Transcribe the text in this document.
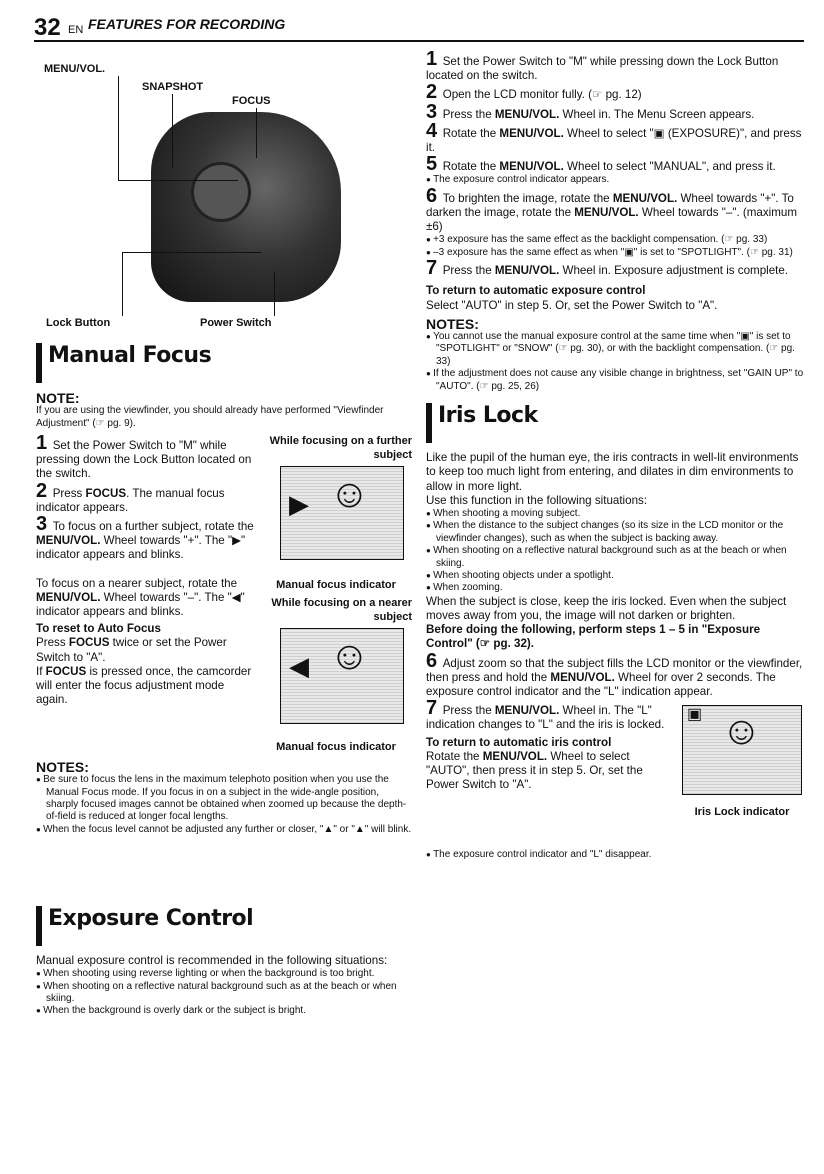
32 EN FEATURES FOR RECORDING
MENU/VOL.
SNAPSHOT
FOCUS
Lock Button	Power Switch
Manual Focus
NOTE:
If you are using the viewfinder, you should already have performed "Viewfinder Adjustment" (☞ pg. 9).
1 Set the Power Switch to "M" while pressing down the Lock Button located on the switch.
2 Press FOCUS. The manual focus indicator appears.
3 To focus on a further subject, rotate the MENU/VOL. Wheel towards "+". The "▶" indicator appears and blinks.
To focus on a nearer subject, rotate the MENU/VOL. Wheel towards "–". The "◀" indicator appears and blinks.
To reset to Auto Focus
Press FOCUS twice or set the Power Switch to "A".
If FOCUS is pressed once, the camcorder will enter the focus adjustment mode again.
While focusing on a further subject
▶ ☺
Manual focus indicator
While focusing on a nearer subject
◀ ☺
Manual focus indicator
NOTES:
● Be sure to focus the lens in the maximum telephoto position when you use the Manual Focus mode. If you focus in on a subject in the wide-angle position, sharply focused images cannot be obtained when zoomed up because the depth-of-field is reduced at longer focal lengths.
● When the focus level cannot be adjusted any further or closer, "▲" or "▲" will blink.
Exposure Control
Manual exposure control is recommended in the following situations:
● When shooting using reverse lighting or when the background is too bright.
● When shooting on a reflective natural background such as at the beach or when skiing.
● When the background is overly dark or the subject is bright.
1 Set the Power Switch to "M" while pressing down the Lock Button located on the switch.
2 Open the LCD monitor fully. (☞ pg. 12)
3 Press the MENU/VOL. Wheel in. The Menu Screen appears.
4 Rotate the MENU/VOL. Wheel to select "▣ (EXPOSURE)", and press it.
5 Rotate the MENU/VOL. Wheel to select "MANUAL", and press it.
● The exposure control indicator appears.
6 To brighten the image, rotate the MENU/VOL. Wheel towards "+". To darken the image, rotate the MENU/VOL. Wheel towards "–". (maximum ±6)
● +3 exposure has the same effect as the backlight compensation. (☞ pg. 33)
● –3 exposure has the same effect as when "▣" is set to "SPOTLIGHT". (☞ pg. 31)
7 Press the MENU/VOL. Wheel in. Exposure adjustment is complete.
To return to automatic exposure control
Select "AUTO" in step 5. Or, set the Power Switch to "A".
NOTES:
● You cannot use the manual exposure control at the same time when "▣" is set to "SPOTLIGHT" or "SNOW" (☞ pg. 30), or with the backlight compensation. (☞ pg. 33)
● If the adjustment does not cause any visible change in brightness, set "GAIN UP" to "AUTO". (☞ pg. 25, 26)
Iris Lock
Like the pupil of the human eye, the iris contracts in well-lit environments to keep too much light from entering, and dilates in dim environments to allow in more light.
Use this function in the following situations:
● When shooting a moving subject.
● When the distance to the subject changes (so its size in the LCD monitor or the viewfinder changes), such as when the subject is backing away.
● When shooting on a reflective natural background such as at the beach or when skiing.
● When shooting objects under a spotlight.
● When zooming.
When the subject is close, keep the iris locked. Even when the subject moves away from you, the image will not darken or brighten.
Before doing the following, perform steps 1 – 5 in "Exposure Control" (☞ pg. 32).
6 Adjust zoom so that the subject fills the LCD monitor or the viewfinder, then press and hold the MENU/VOL. Wheel for over 2 seconds. The exposure control indicator and the "L" indication appear.
7 Press the MENU/VOL. Wheel in. The "L" indication changes to "L" and the iris is locked.
To return to automatic iris control
Rotate the MENU/VOL. Wheel to select "AUTO", then press it in step 5. Or, set the Power Switch to "A".
▣ ☺
Iris Lock indicator
● The exposure control indicator and "L" disappear.
